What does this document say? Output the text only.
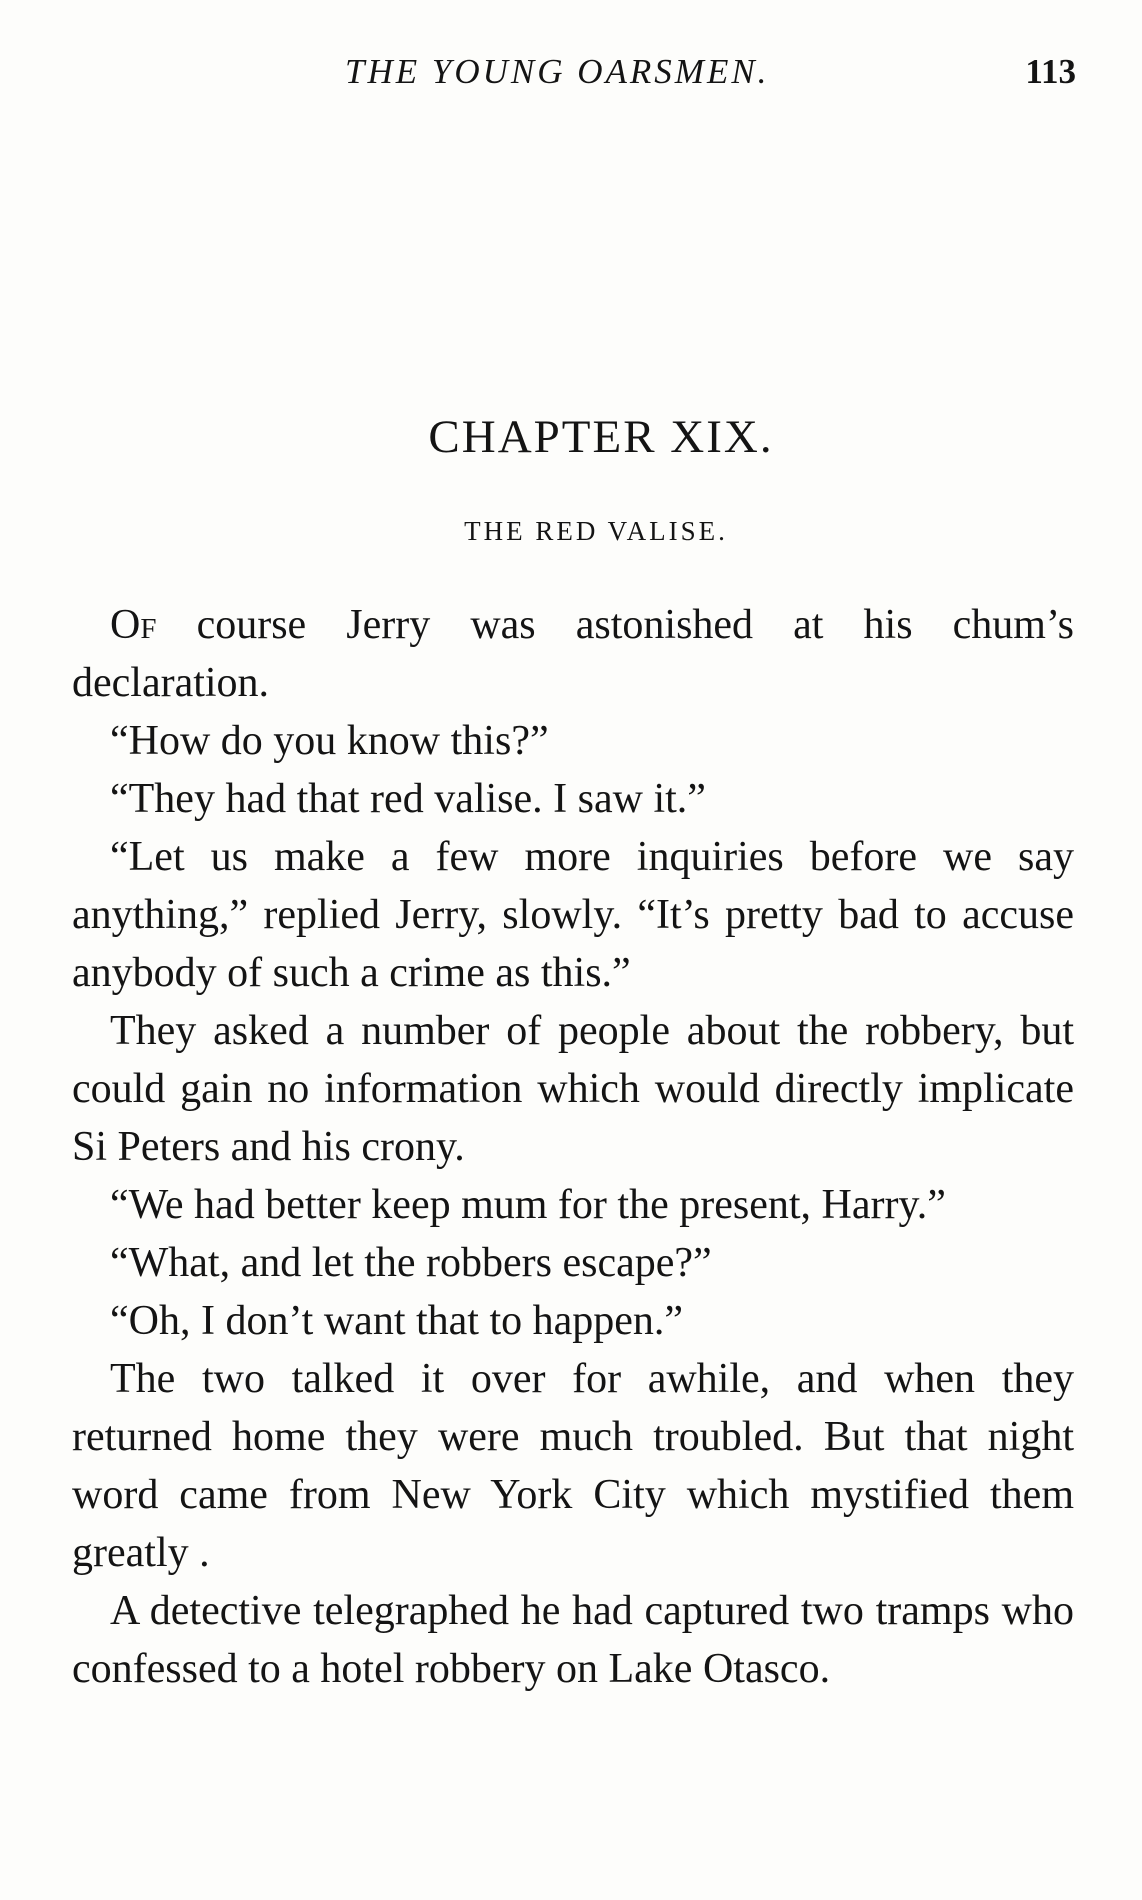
THE YOUNG OARSMEN.	113
CHAPTER XIX.
THE RED VALISE.

Of course Jerry was astonished at his chum’s declaration.

“How do you know this?”

“They had that red valise. I saw it.”

“Let us make a few more inquiries before we say anything,” replied Jerry, slowly. “It’s pretty bad to accuse anybody of such a crime as this.”

They asked a number of people about the robbery, but could gain no information which would directly implicate Si Peters and his crony.

“We had better keep mum for the present, Harry.”

“What, and let the robbers escape?”

“Oh, I don’t want that to happen.”

The two talked it over for awhile, and when they returned home they were much troubled. But that night word came from New York City which mystified them greatly .

A detective telegraphed he had captured two tramps who confessed to a hotel robbery on Lake Otasco.
